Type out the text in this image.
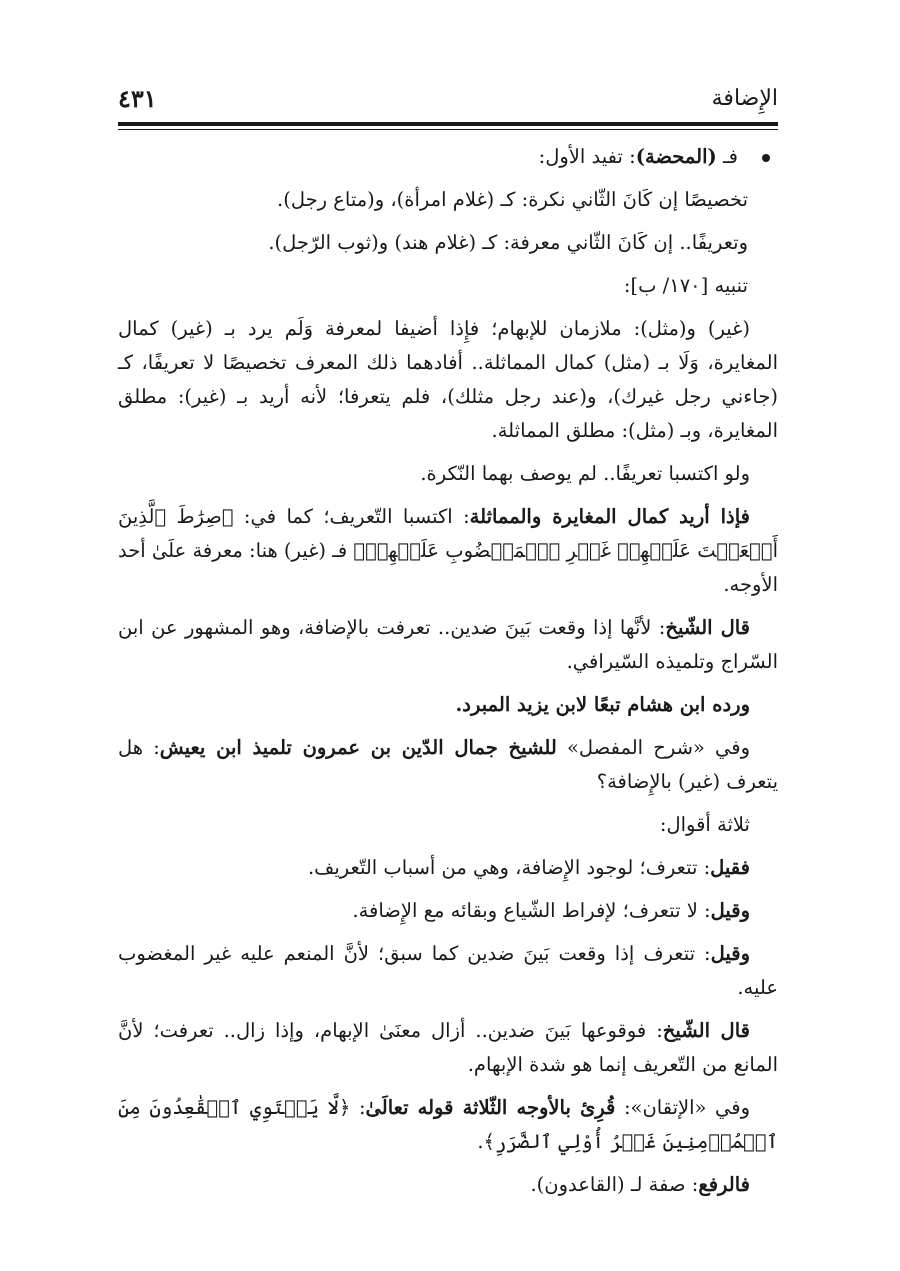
الإِضافة
٤٣١

فـ (المحضة): تفيد الأول:

تخصيصًا إن كَانَ الثّاني نكرة: كـ (غلام امرأة)، و(متاع رجل).

وتعريفًا.. إن كَانَ الثّاني معرفة: كـ (غلام هند) و(ثوب الرّجل).

تنبيه [١٧٠/ ب]:

(غير) و(مثل): ملازمان للإبهام؛ فإِذا أضيفا لمعرفة وَلَم يرد بـ (غير) كمال المغايرة، وَلَا بـ (مثل) كمال المماثلة.. أفادهما ذلك المعرف تخصيصًا لا تعريفًا، كـ (جاءني رجل غيرك)، و(عند رجل مثلك)، فلم يتعرفا؛ لأنه أريد بـ (غير): مطلق المغايرة، وبـ (مثل): مطلق المماثلة.

ولو اكتسبا تعريفًا.. لم يوصف بهما النّكرة.

فإذا أريد كمال المغايرة والمماثلة: اكتسبا التّعريف؛ كما في: ﴿صِرَٰطَ ٱلَّذِينَ أَنۡعَمۡتَ عَلَيۡهِمۡ غَيۡرِ ٱلۡمَغۡضُوبِ عَلَيۡهِمۡ﴾ فـ (غير) هنا: معرفة علَىٰ أحد الأوجه.

قال الشّيخ: لأنَّها إذا وقعت بَينَ ضدين.. تعرفت بالإضافة، وهو المشهور عن ابن السّراج وتلميذه السّيرافي.

ورده ابن هشام تبعًا لابن يزيد المبرد.

وفي «شرح المفصل» للشيخ جمال الدّين بن عمرون تلميذ ابن يعيش: هل يتعرف (غير) بالإِضافة؟

ثلاثة أقوال:

فقيل: تتعرف؛ لوجود الإِضافة، وهي من أسباب التّعريف.

وقيل: لا تتعرف؛ لإفراط الشّياع وبقائه مع الإِضافة.

وقيل: تتعرف إذا وقعت بَينَ ضدين كما سبق؛ لأنَّ المنعم عليه غير المغضوب عليه.

قال الشّيخ: فوقوعها بَينَ ضدين.. أزال معنَىٰ الإبهام، وإذا زال.. تعرفت؛ لأنَّ المانع من التّعريف إنما هو شدة الإبهام.

وفي «الإتقان»: قُرِئ بالأوجه الثّلاثة قوله تعالَىٰ: ﴿لَّا يَسۡتَوِي ٱلۡقَٰعِدُونَ مِنَ ٱلۡمُؤۡمِنِينَ غَيۡرُ أُوْلِي ٱلضَّرَرِ﴾.

فالرفع: صفة لـ (القاعدون).
